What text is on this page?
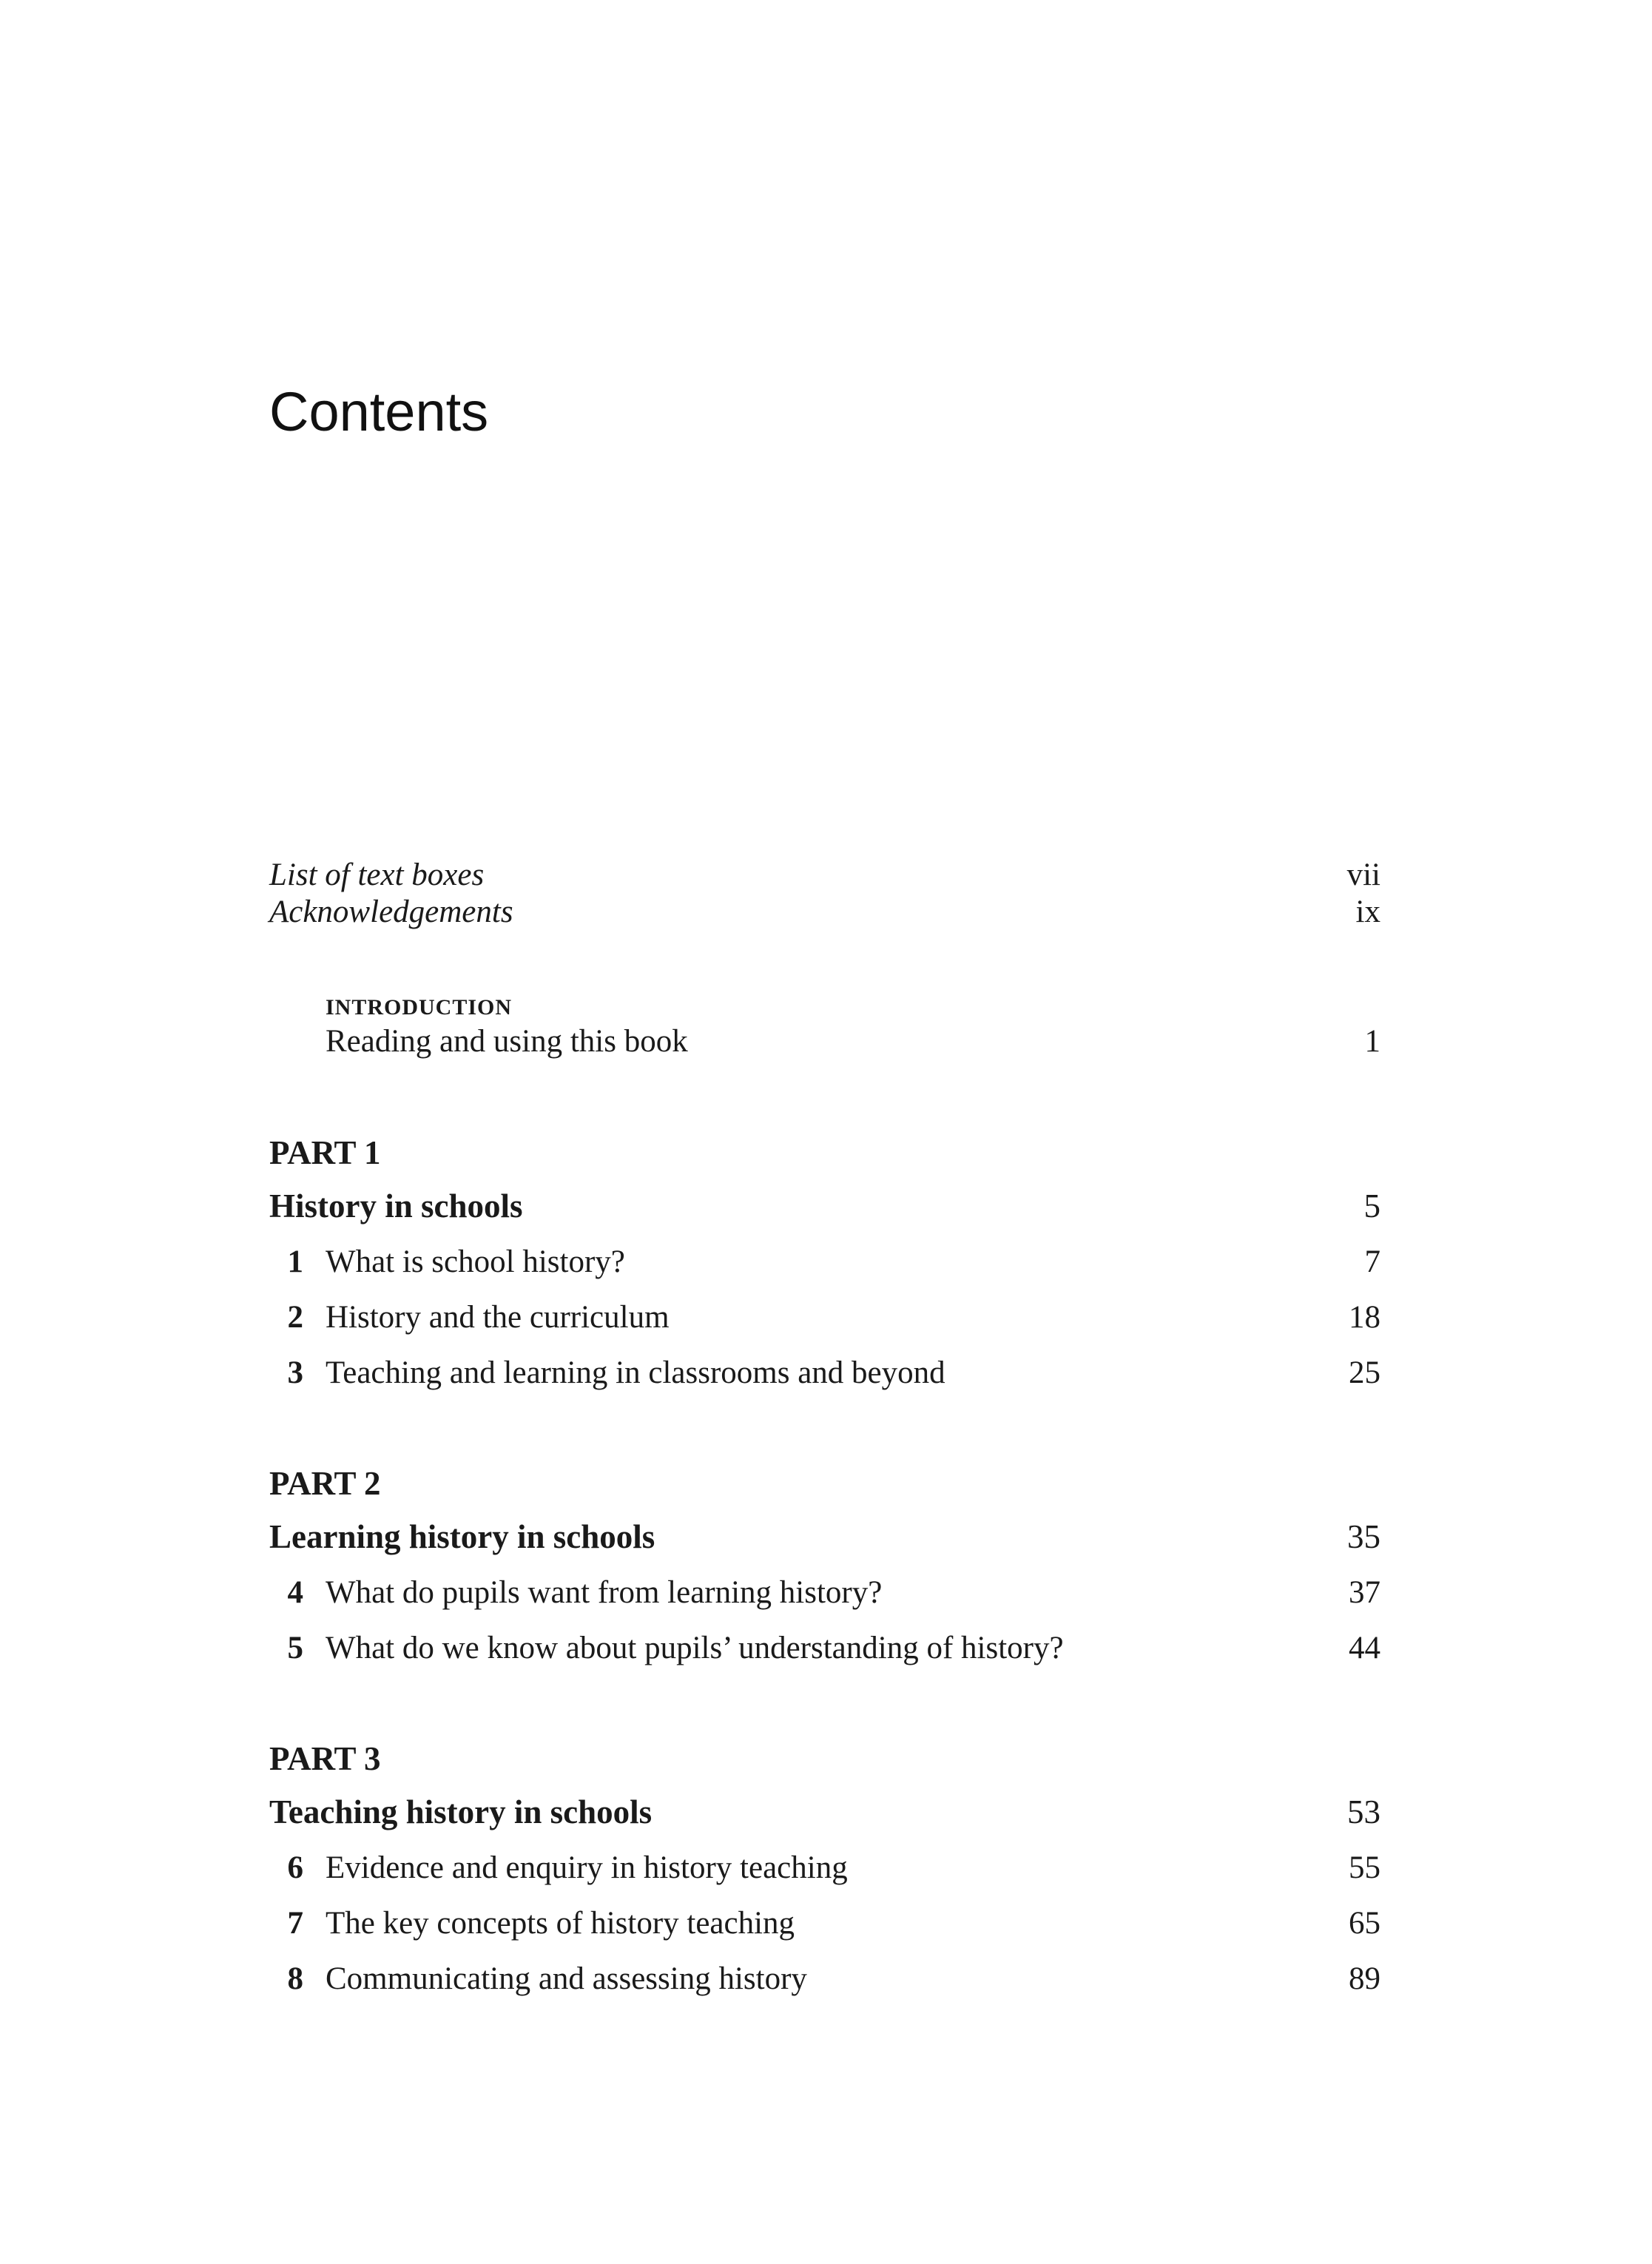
Contents
List of text boxes	vii
Acknowledgements	ix
INTRODUCTION
Reading and using this book	1
PART 1
History in schools	5
1 What is school history?	7
2 History and the curriculum	18
3 Teaching and learning in classrooms and beyond	25
PART 2
Learning history in schools	35
4 What do pupils want from learning history?	37
5 What do we know about pupils’ understanding of history?	44
PART 3
Teaching history in schools	53
6 Evidence and enquiry in history teaching	55
7 The key concepts of history teaching	65
8 Communicating and assessing history	89
